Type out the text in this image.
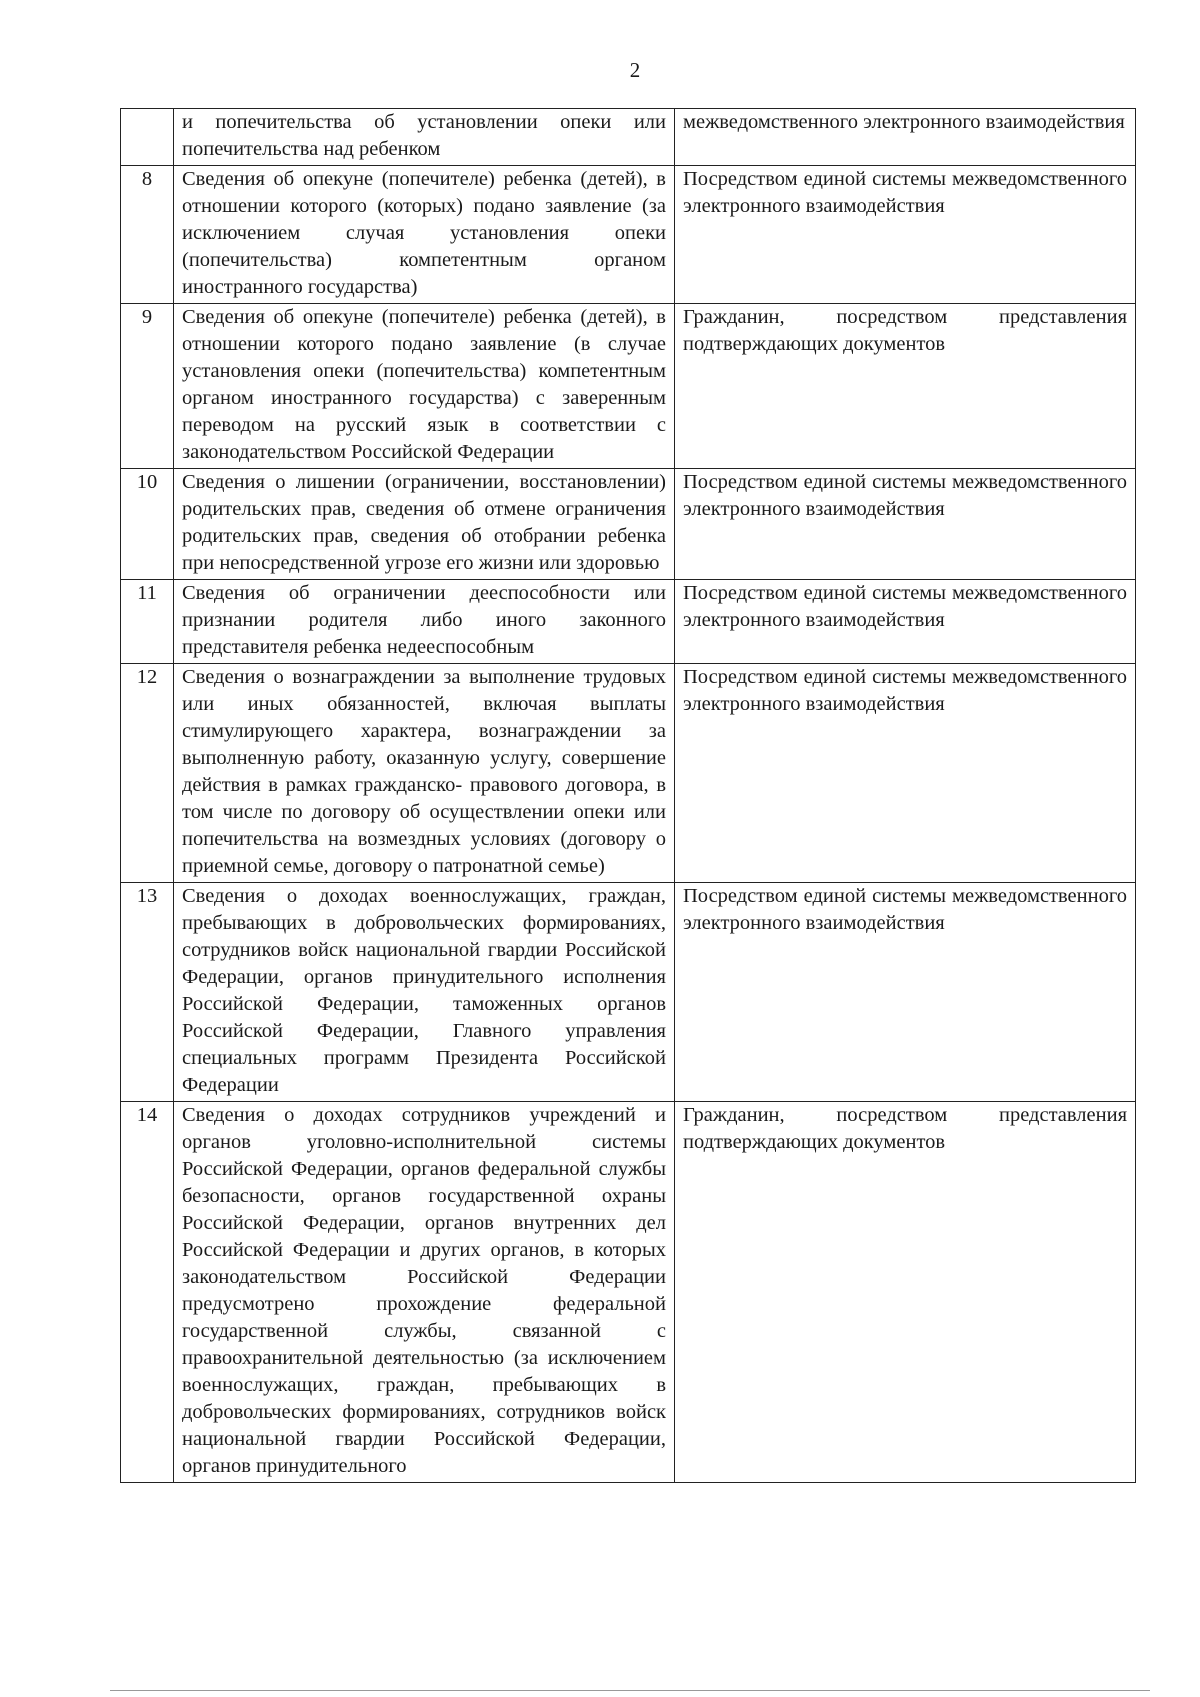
2
	и попечительства об установлении опеки или попечительства над ребенком	межведомственного электронного взаимодействия
8	Сведения об опекуне (попечителе) ребенка (детей), в отношении которого (которых) подано заявление (за исключением случая установления опеки (попечительства) компетентным органом иностранного государства)	Посредством единой системы межведомственного электронного взаимодействия
9	Сведения об опекуне (попечителе) ребенка (детей), в отношении которого подано заявление (в случае установления опеки (попечительства) компетентным органом иностранного государства) с заверенным переводом на русский язык в соответствии с законодательством Российской Федерации	Гражданин, посредством представления подтверждающих документов
10	Сведения о лишении (ограничении, восстановлении) родительских прав, сведения об отмене ограничения родительских прав, сведения об отобрании ребенка при непосредственной угрозе его жизни или здоровью	Посредством единой системы межведомственного электронного взаимодействия
11	Сведения об ограничении дееспособности или признании родителя либо иного законного представителя ребенка недееспособным	Посредством единой системы межведомственного электронного взаимодействия
12	Сведения о вознаграждении за выполнение трудовых или иных обязанностей, включая выплаты стимулирующего характера, вознаграждении за выполненную работу, оказанную услугу, совершение действия в рамках гражданско- правового договора, в том числе по договору об осуществлении опеки или попечительства на возмездных условиях (договору о приемной семье, договору о патронатной семье)	Посредством единой системы межведомственного электронного взаимодействия
13	Сведения о доходах военнослужащих, граждан, пребывающих в добровольческих формированиях, сотрудников войск национальной гвардии Российской Федерации, органов принудительного исполнения Российской Федерации, таможенных органов Российской Федерации, Главного управления специальных программ Президента Российской Федерации	Посредством единой системы межведомственного электронного взаимодействия
14	Сведения о доходах сотрудников учреждений и органов уголовно-исполнительной системы Российской Федерации, органов федеральной службы безопасности, органов государственной охраны Российской Федерации, органов внутренних дел Российской Федерации и других органов, в которых законодательством Российской Федерации предусмотрено прохождение федеральной государственной службы, связанной с правоохранительной деятельностью (за исключением военнослужащих, граждан, пребывающих в добровольческих формированиях, сотрудников войск национальной гвардии Российской Федерации, органов принудительного	Гражданин, посредством представления подтверждающих документов
